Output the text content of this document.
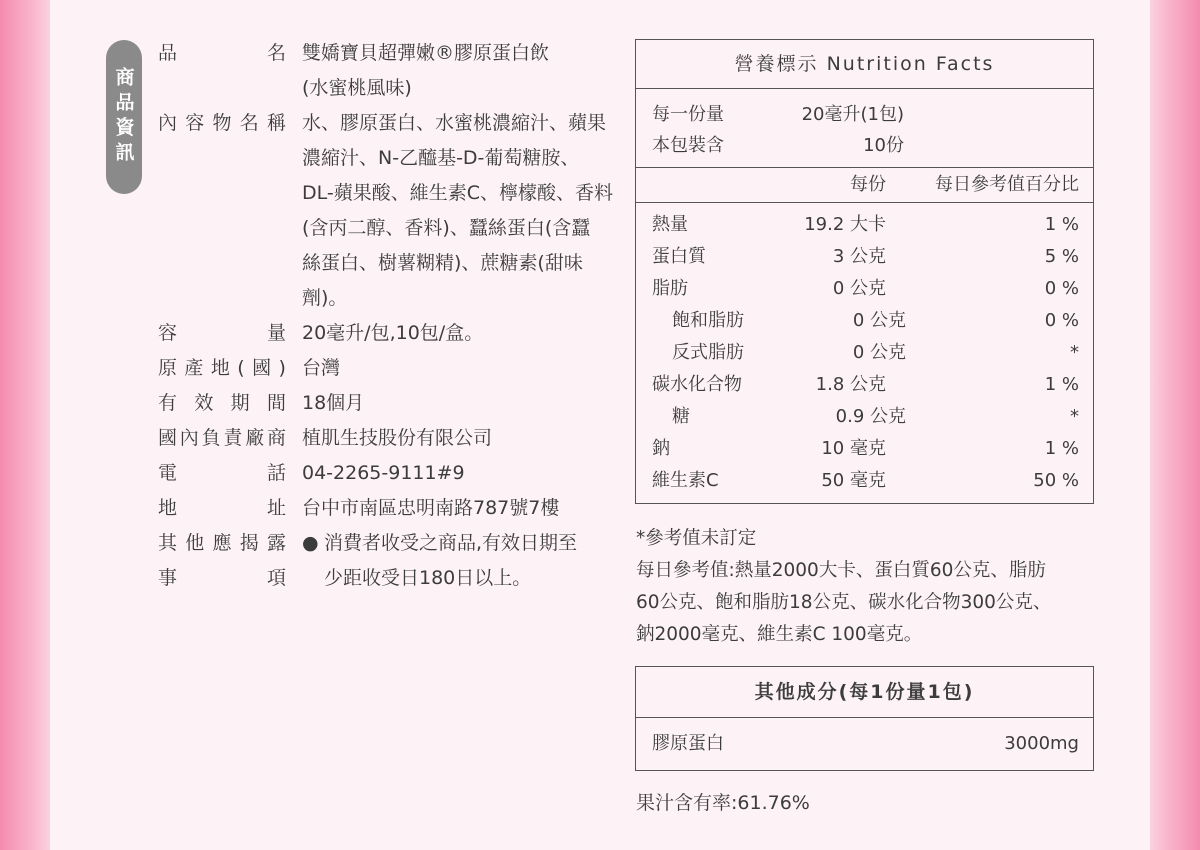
商品資訊
品	名 雙嬌寶貝超彈嫩®膠原蛋白飲
(水蜜桃風味)
內 容 物 名 稱 水、膠原蛋白、水蜜桃濃縮汁、蘋果
濃縮汁、N-乙醯基-D-葡萄糖胺、
DL-蘋果酸、維生素C、檸檬酸、香料
(含丙二醇、香料)、蠶絲蛋白(含蠶
絲蛋白、樹薯糊精)、蔗糖素(甜味
劑)。
容	量 20毫升/包,10包/盒。
原 產 地 ( 國 ) 台灣
有 效 期 間 18個月
國 內 負 責 廠 商 植肌生技股份有限公司
電	話 04-2265-9111#9
地	址 台中市南區忠明南路787號7樓
其 他 應 揭 露
事	項
● 消費者收受之商品,有效日期至
少距收受日180日以上。
營養標示 Nutrition Facts
每一份量	20毫升(1包)
本包裝含	10份
每份	每日參考值百分比
熱量	19.2 大卡	1 %
蛋白質	3 公克	5 %
脂肪	0 公克	0 %
飽和脂肪	0 公克	0 %
反式脂肪	0 公克	*
碳水化合物	1.8 公克	1 %
糖	0.9 公克	*
鈉	10 毫克	1 %
維生素C	50 毫克	50 %
*參考值未訂定
每日參考值:熱量2000大卡、蛋白質60公克、脂肪
60公克、飽和脂肪18公克、碳水化合物300公克、
鈉2000毫克、維生素C 100毫克。
其他成分(每1份量1包)
膠原蛋白	3000mg
果汁含有率:61.76%
